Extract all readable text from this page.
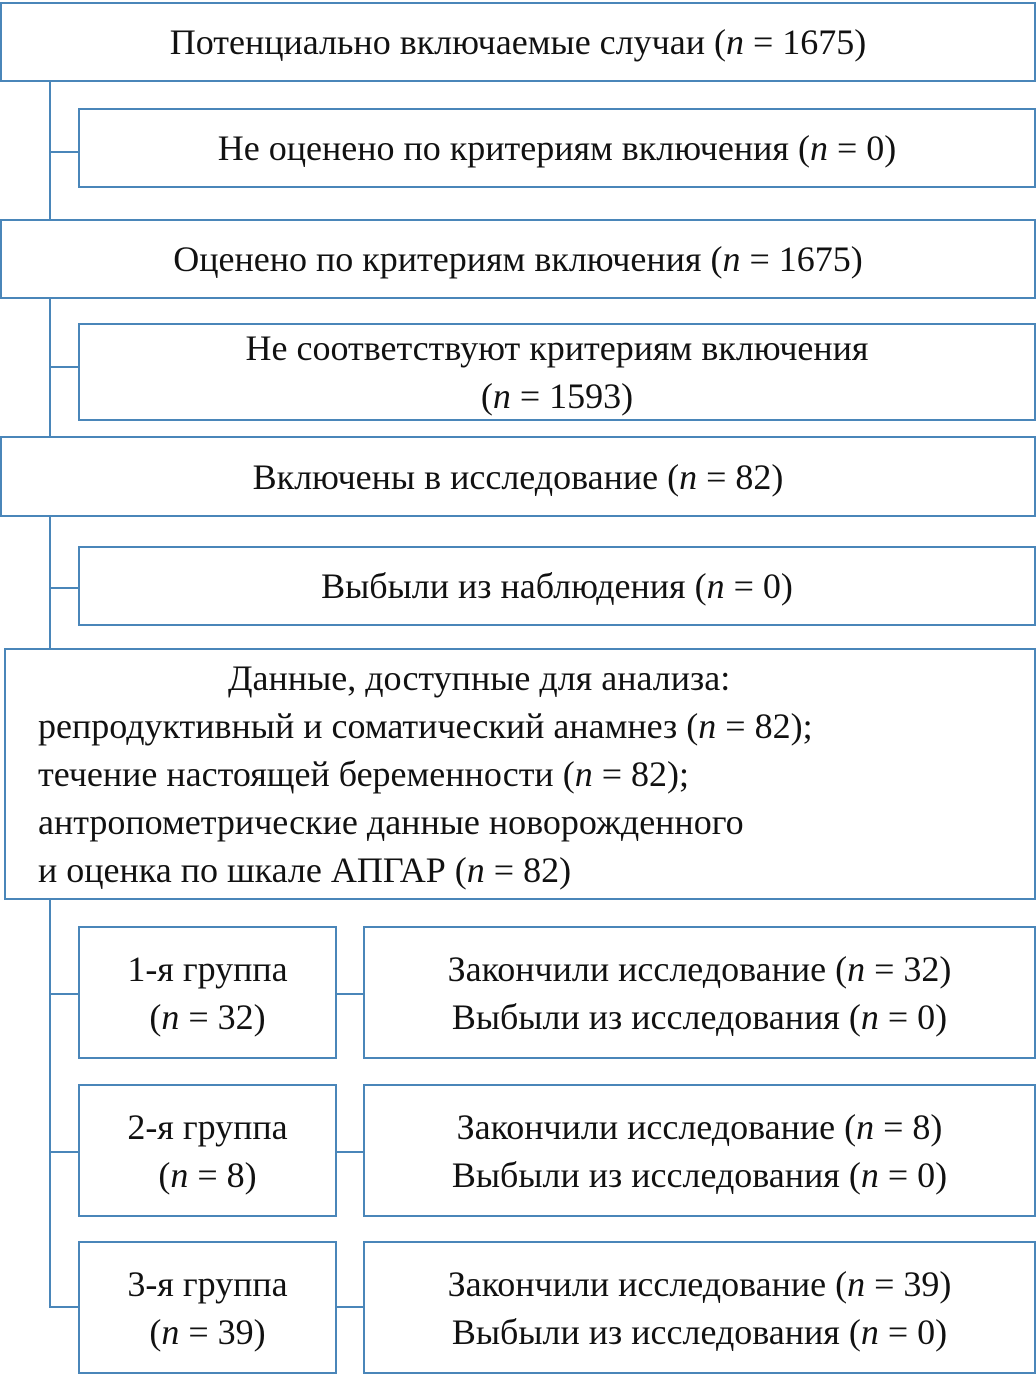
Потенциально включаемые случаи (n = 1675)
Не оценено по критериям включения (n = 0)
Оценено по критериям включения (n = 1675)
Не соответствуют критериям включения
(n = 1593)
Включены в исследование (n = 82)
Выбыли из наблюдения (n = 0)
Данные, доступные для анализа:
репродуктивный и соматический анамнез (n = 82);
течение настоящей беременности (n = 82);
антропометрические данные новорожденного
и оценка по шкале АПГАР (n = 82)
1-я группа
(n = 32)
Закончили исследование (n = 32)
Выбыли из исследования (n = 0)
2-я группа
(n = 8)
Закончили исследование (n = 8)
Выбыли из исследования (n = 0)
3-я группа
(n = 39)
Закончили исследование (n = 39)
Выбыли из исследования (n = 0)
